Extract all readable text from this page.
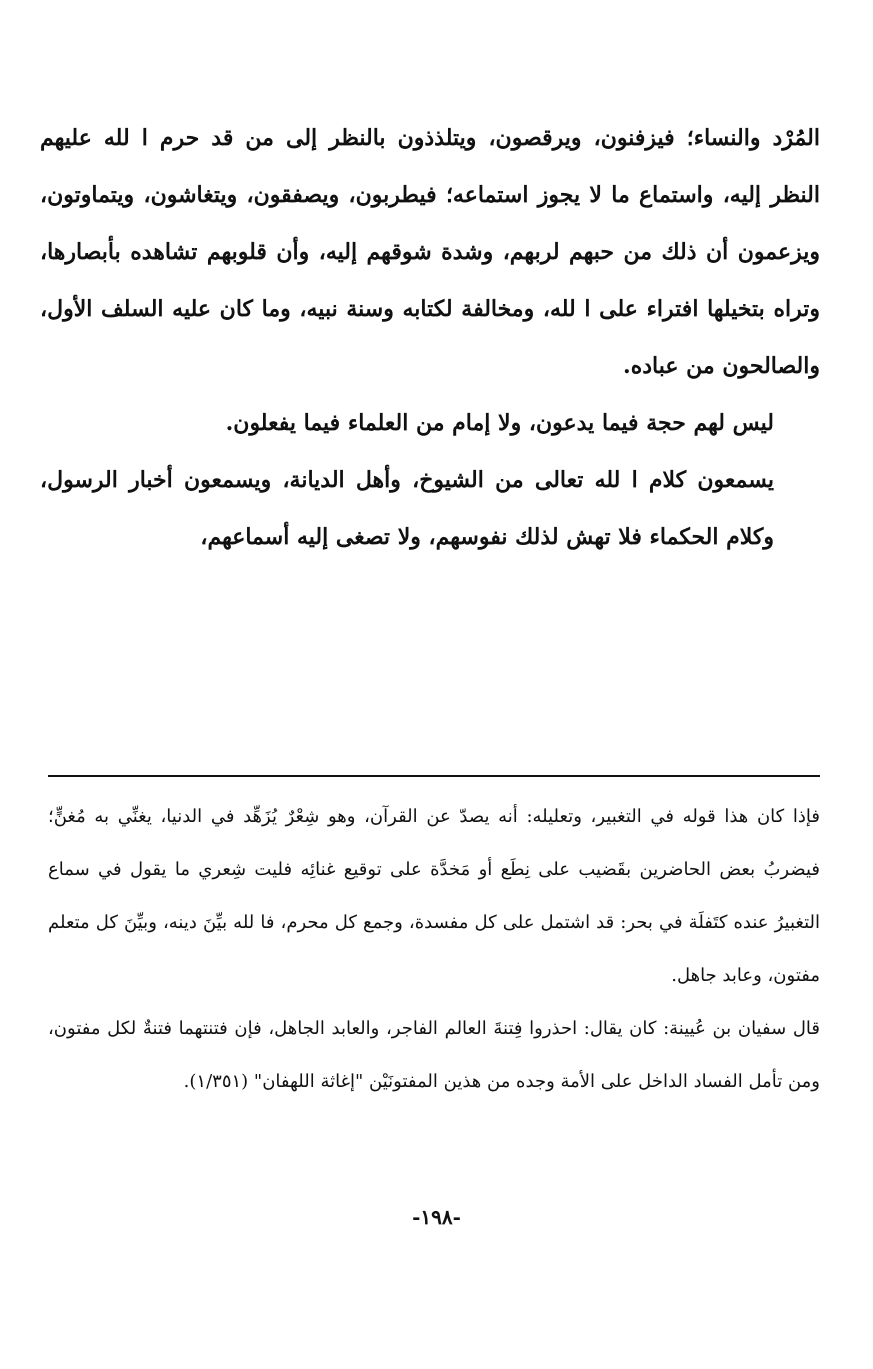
المُرْد والنساء؛ فيزفنون، ويرقصون، ويتلذذون بالنظر إلى من قد حرم ا لله عليهم النظر إليه، واستماع ما لا يجوز استماعه؛ فيطربون، ويصفقون، ويتغاشون، ويتماوتون، ويزعمون أن ذلك من حبهم لربهم، وشدة شوقهم إليه، وأن قلوبهم تشاهده بأبصارها، وتراه بتخيلها افتراء على ا لله، ومخالفة لكتابه وسنة نبيه، وما كان عليه السلف الأول، والصالحون من عباده.

ليس لهم حجة فيما يدعون، ولا إمام من العلماء فيما يفعلون.

يسمعون كلام ا لله تعالى من الشيوخ، وأهل الديانة، ويسمعون أخبار الرسول، وكلام الحكماء فلا تهش لذلك نفوسهم، ولا تصغى إليه أسماعهم،

فإذا كان هذا قوله في التغبير، وتعليله: أنه يصدّ عن القرآن، وهو شِعْرٌ يُزَهِّد في الدنيا، يغنِّي به مُغنٍّ؛ فيضربُ بعض الحاضرين بقَضيب على نِطَع أو مَخدَّة على توقيع غنائِه فليت شِعري ما يقول في سماع التغبيرُ عنده كتَفلَة في بحر: قد اشتمل على كل مفسدة، وجمع كل محرم، فا لله بيِّنَ دينه، وبيِّنَ كل متعلم مفتون، وعابد جاهل.

قال سفيان بن عُيينة: كان يقال: احذروا فِتنةَ العالم الفاجر، والعابد الجاهل، فإن فتنتهما فتنةٌ لكل مفتون، ومن تأمل الفساد الداخل على الأمة وجده من هذين المفتونَيْن "إغاثة اللهفان" (١/٣٥١).

-١٩٨-
